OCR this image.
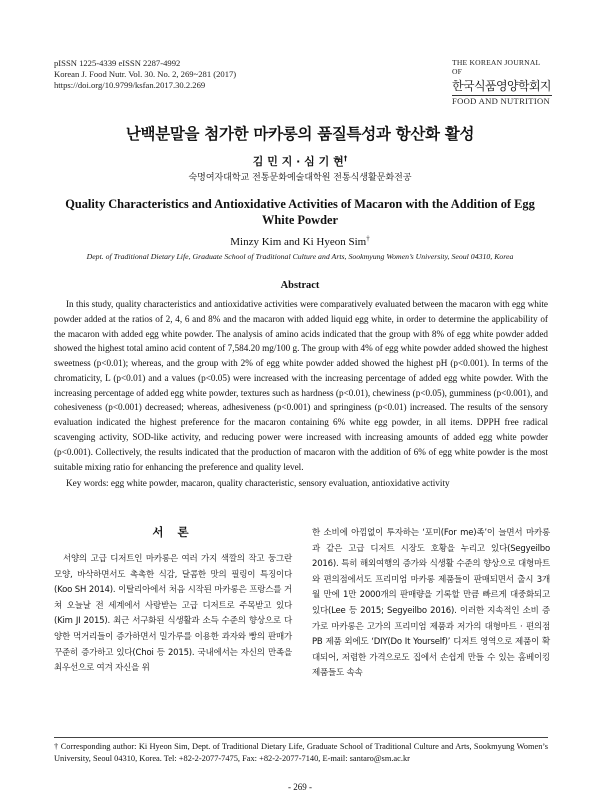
pISSN 1225-4339 eISSN 2287-4992
Korean J. Food Nutr. Vol. 30. No. 2, 269~281 (2017)
https://doi.org/10.9799/ksfan.2017.30.2.269
THE KOREAN JOURNAL OF
한국식품영양학회지
FOOD AND NUTRITION
난백분말을 첨가한 마카롱의 품질특성과 항산화 활성
김 민 지 · 심 기 현†
숙명여자대학교 전통문화예술대학원 전통식생활문화전공
Quality Characteristics and Antioxidative Activities of Macaron with the Addition of Egg White Powder
Minzy Kim and Ki Hyeon Sim†
Dept. of Traditional Dietary Life, Graduate School of Traditional Culture and Arts, Sookmyung Women’s University, Seoul 04310, Korea
Abstract

In this study, quality characteristics and antioxidative activities were comparatively evaluated between the macaron with egg white powder added at the ratios of 2, 4, 6 and 8% and the macaron with added liquid egg white, in order to determine the applicability of the macaron with added egg white powder. The analysis of amino acids indicated that the group with 8% of egg white powder added showed the highest total amino acid content of 7,584.20 mg/100 g. The group with 4% of egg white powder added showed the highest sweetness (p<0.01); whereas, and the group with 2% of egg white powder added showed the highest pH (p<0.001). In terms of the chromaticity, L (p<0.01) and a values (p<0.05) were increased with the increasing percentage of added egg white powder. With the increasing percentage of added egg white powder, textures such as hardness (p<0.01), chewiness (p<0.05), gumminess (p<0.001), and cohesiveness (p<0.001) decreased; whereas, adhesiveness (p<0.001) and springiness (p<0.01) increased. The results of the sensory evaluation indicated the highest preference for the macaron containing 6% white egg powder, in all items. DPPH free radical scavenging activity, SOD-like activity, and reducing power were increased with increasing amounts of added egg white powder (p<0.001). Collectively, the results indicated that the production of macaron with the addition of 6% of egg white powder is the most suitable mixing ratio for enhancing the preference and quality level.

Key words: egg white powder, macaron, quality characteristic, sensory evaluation, antioxidative activity
서 론

서양의 고급 디저트인 마카롱은 여러 가지 색깔의 작고 둥그란 모양, 바삭하면서도 촉촉한 식감, 달콤한 맛의 필링이 특징이다(Koo SH 2014). 이탈리아에서 처음 시작된 마카롱은 프랑스를 거쳐 오늘날 전 세계에서 사랑받는 고급 디저트로 주목받고 있다(Kim JI 2015). 최근 서구화된 식생활과 소득 수준의 향상으로 다양한 먹거리들이 증가하면서 밀가루를 이용한 과자와 빵의 판매가 꾸준히 증가하고 있다(Choi 등 2015). 국내에서는 자신의 만족을 최우선으로 여겨 자신을 위

한 소비에 아낌없이 투자하는 ‘포미(For me)족’이 늘면서 마카롱과 같은 고급 디저트 시장도 호황을 누리고 있다(Segyeilbo 2016). 특히 해외여행의 증가와 식생활 수준의 향상으로 대형마트와 편의점에서도 프리미엄 마카롱 제품들이 판매되면서 출시 3개월 만에 1만 2000개의 판매량을 기록할 만큼 빠르게 대중화되고 있다(Lee 등 2015; Segyeilbo 2016). 이러한 지속적인 소비 증가로 마카롱은 고가의 프리미엄 제품과 저가의 대형마트 · 편의점 PB 제품 외에도 ‘DIY(Do It Yourself)’ 디저트 영역으로 제품이 확대되어, 저렴한 가격으로도 집에서 손쉽게 만들 수 있는 홈베이킹 제품들도 속속

† Corresponding author: Ki Hyeon Sim, Dept. of Traditional Dietary Life, Graduate School of Traditional Culture and Arts, Sookmyung Women’s University, Seoul 04310, Korea. Tel: +82-2-2077-7475, Fax: +82-2-2077-7140, E-mail: santaro@sm.ac.kr
- 269 -
